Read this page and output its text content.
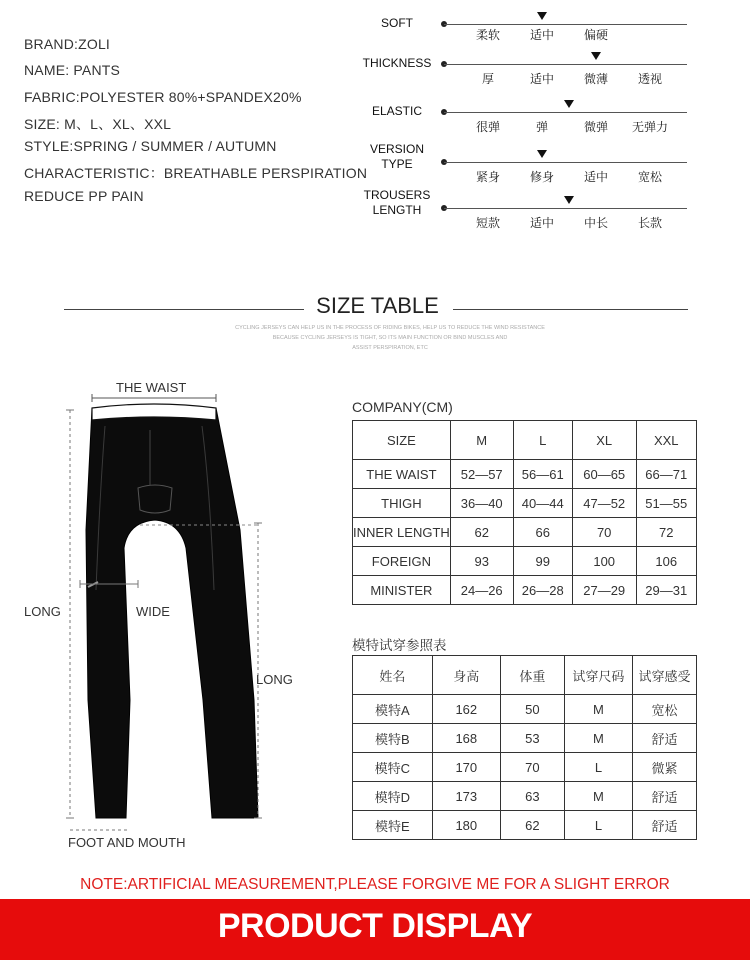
BRAND:ZOLI
NAME: PANTS
FABRIC:POLYESTER 80%+SPANDEX20%
SIZE: M、L、XL、XXL
STYLE:SPRING / SUMMER / AUTUMN
CHARACTERISTIC：BREATHABLE PERSPIRATION
REDUCE PP PAIN
SOFT
柔软	适中	偏硬
THICKNESS
厚	适中	微薄	透视
ELASTIC
很弹	弹	微弹	无弹力
VERSION
TYPE
紧身	修身	适中	宽松
TROUSERS
LENGTH
短款	适中	中长	长款
SIZE TABLE
CYCLING JERSEYS CAN HELP US IN THE PROCESS OF RIDING BIKES, HELP US TO REDUCE THE WIND RESISTANCE
BECAUSE CYCLING JERSEYS IS TIGHT, SO ITS MAIN FUNCTION OR BIND MUSCLES AND
ASSIST PERSPIRATION, ETC
THE WAIST
LONG	WIDE
LONG
FOOT AND MOUTH
COMPANY(CM)
SIZE	M	L	XL	XXL
THE WAIST	52—57	56—61	60—65	66—71
THIGH	36—40	40—44	47—52	51—55
INNER LENGTH	62	66	70	72
FOREIGN	93	99	100	106
MINISTER	24—26	26—28	27—29	29—31
模特试穿参照表
姓名	身高	体重	试穿尺码	试穿感受
模特A	162	50	M	宽松
模特B	168	53	M	舒适
模特C	170	70	L	微紧
模特D	173	63	M	舒适
模特E	180	62	L	舒适
NOTE:ARTIFICIAL MEASUREMENT,PLEASE FORGIVE ME FOR A SLIGHT ERROR
PRODUCT DISPLAY
